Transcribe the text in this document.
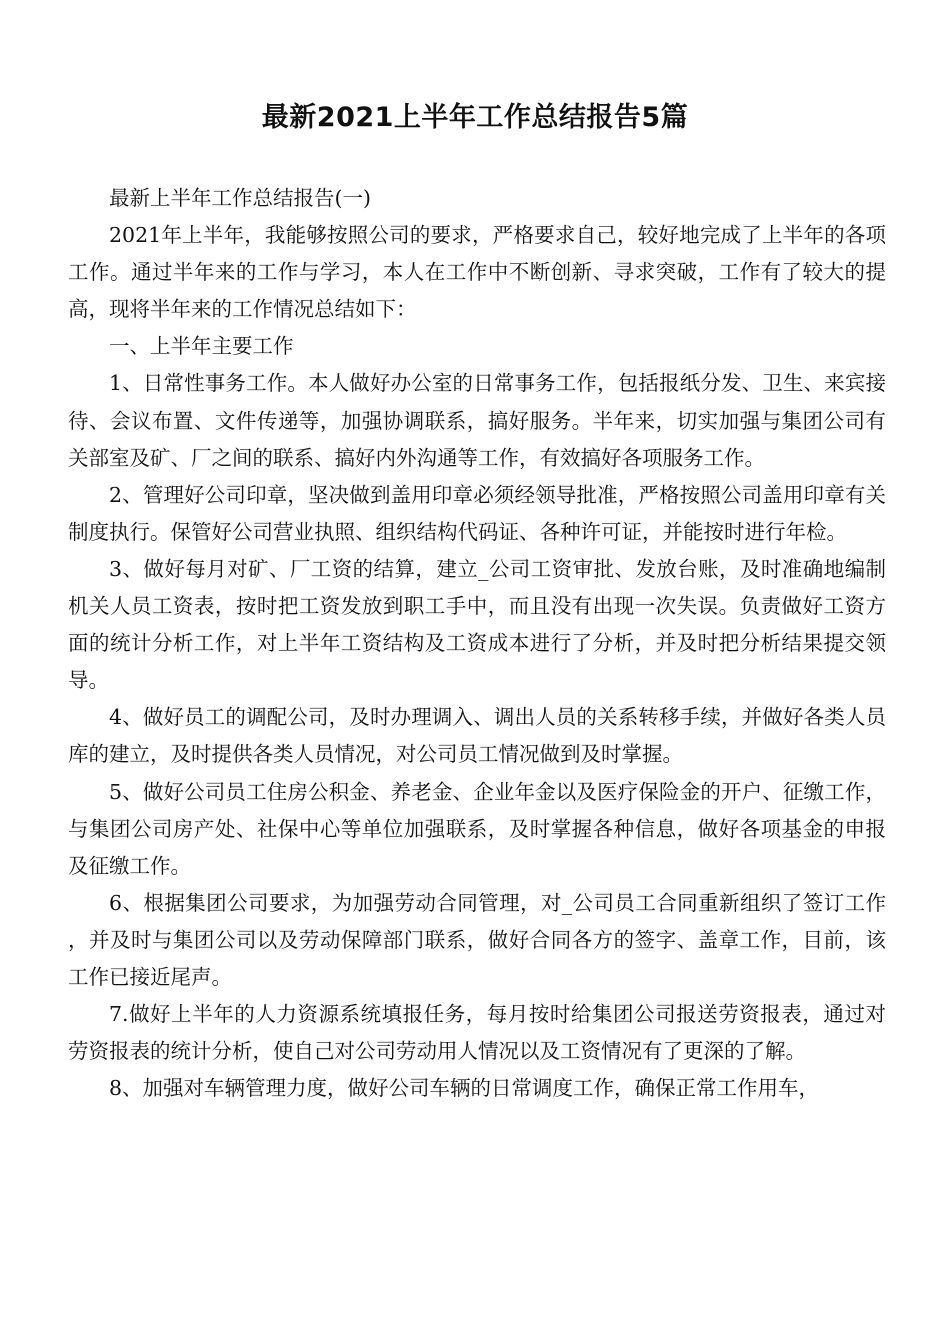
最新2021上半年工作总结报告5篇

最新上半年工作总结报告(一)

2021年上半年，我能够按照公司的要求，严格要求自己，较好地完成了上半年的各项工作。通过半年来的工作与学习，本人在工作中不断创新、寻求突破，工作有了较大的提高，现将半年来的工作情况总结如下：

一、上半年主要工作

1、日常性事务工作。本人做好办公室的日常事务工作，包括报纸分发、卫生、来宾接待、会议布置、文件传递等，加强协调联系，搞好服务。半年来，切实加强与集团公司有关部室及矿、厂之间的联系、搞好内外沟通等工作，有效搞好各项服务工作。

2、管理好公司印章，坚决做到盖用印章必须经领导批准，严格按照公司盖用印章有关制度执行。保管好公司营业执照、组织结构代码证、各种许可证，并能按时进行年检。

3、做好每月对矿、厂工资的结算，建立_公司工资审批、发放台账，及时准确地编制机关人员工资表，按时把工资发放到职工手中，而且没有出现一次失误。负责做好工资方面的统计分析工作，对上半年工资结构及工资成本进行了分析，并及时把分析结果提交领导。

4、做好员工的调配公司，及时办理调入、调出人员的关系转移手续，并做好各类人员库的建立，及时提供各类人员情况，对公司员工情况做到及时掌握。

5、做好公司员工住房公积金、养老金、企业年金以及医疗保险金的开户、征缴工作，与集团公司房产处、社保中心等单位加强联系，及时掌握各种信息，做好各项基金的申报及征缴工作。

6、根据集团公司要求，为加强劳动合同管理，对_公司员工合同重新组织了签订工作，并及时与集团公司以及劳动保障部门联系，做好合同各方的签字、盖章工作，目前，该工作已接近尾声。

7.做好上半年的人力资源系统填报任务，每月按时给集团公司报送劳资报表，通过对劳资报表的统计分析，使自己对公司劳动用人情况以及工资情况有了更深的了解。

8、加强对车辆管理力度，做好公司车辆的日常调度工作，确保正常工作用车，
